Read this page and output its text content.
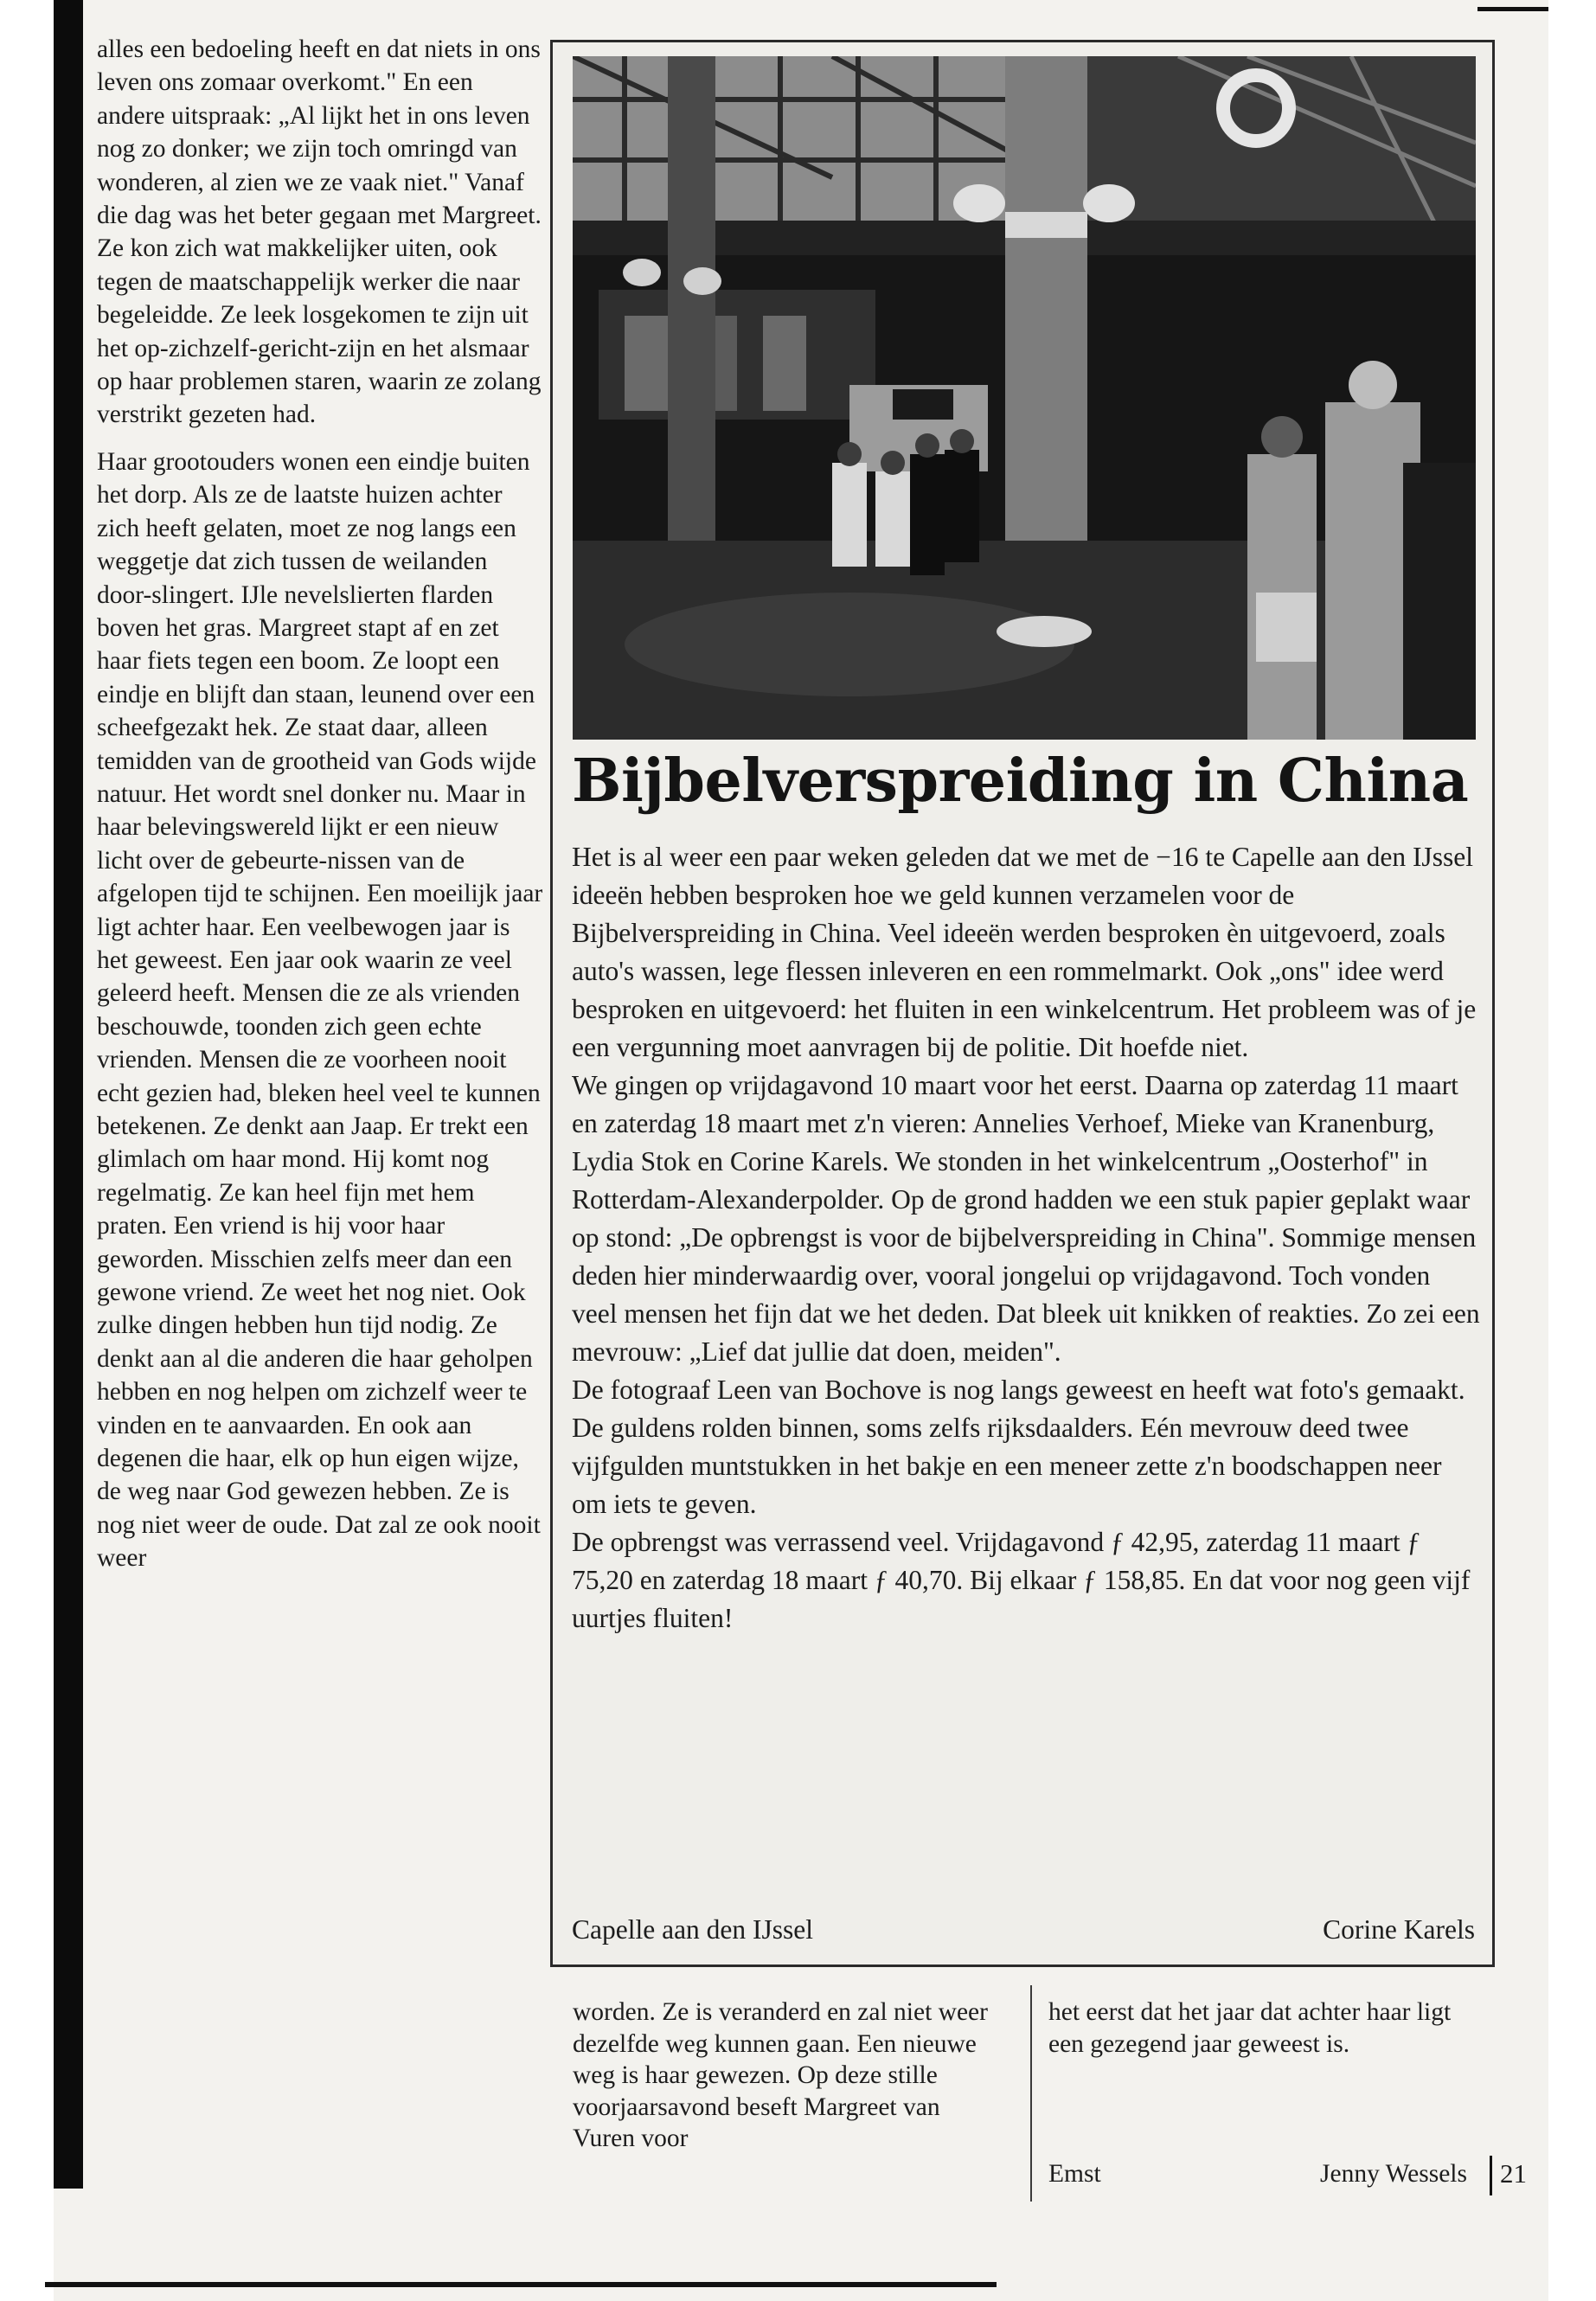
alles een bedoeling heeft en dat niets in ons leven ons zomaar overkomt." En een andere uitspraak: „Al lijkt het in ons leven nog zo donker; we zijn toch omringd van wonderen, al zien we ze vaak niet." Vanaf die dag was het beter gegaan met Margreet. Ze kon zich wat makkelijker uiten, ook tegen de maatschappelijk werker die naar begeleidde. Ze leek losgekomen te zijn uit het op-zichzelf-gericht-zijn en het alsmaar op haar problemen staren, waarin ze zolang verstrikt gezeten had.

Haar grootouders wonen een eindje buiten het dorp. Als ze de laatste huizen achter zich heeft gelaten, moet ze nog langs een weggetje dat zich tussen de weilanden door-slingert. IJle nevelslierten flarden boven het gras. Margreet stapt af en zet haar fiets tegen een boom. Ze loopt een eindje en blijft dan staan, leunend over een scheefgezakt hek. Ze staat daar, alleen temidden van de grootheid van Gods wijde natuur. Het wordt snel donker nu. Maar in haar belevingswereld lijkt er een nieuw licht over de gebeurte-nissen van de afgelopen tijd te schijnen. Een moeilijk jaar ligt achter haar. Een veelbewogen jaar is het geweest. Een jaar ook waarin ze veel geleerd heeft. Mensen die ze als vrienden beschouwde, toonden zich geen echte vrienden. Mensen die ze voorheen nooit echt gezien had, bleken heel veel te kunnen betekenen. Ze denkt aan Jaap. Er trekt een glimlach om haar mond. Hij komt nog regelmatig. Ze kan heel fijn met hem praten. Een vriend is hij voor haar geworden. Misschien zelfs meer dan een gewone vriend. Ze weet het nog niet. Ook zulke dingen hebben hun tijd nodig. Ze denkt aan al die anderen die haar geholpen hebben en nog helpen om zichzelf weer te vinden en te aanvaarden. En ook aan degenen die haar, elk op hun eigen wijze, de weg naar God gewezen hebben. Ze is nog niet weer de oude. Dat zal ze ook nooit weer

Bijbelverspreiding in China

Het is al weer een paar weken geleden dat we met de −16 te Capelle aan den IJssel ideeën hebben besproken hoe we geld kunnen verzamelen voor de Bijbelverspreiding in China. Veel ideeën werden besproken èn uitgevoerd, zoals auto's wassen, lege flessen inleveren en een rommelmarkt. Ook „ons" idee werd besproken en uitgevoerd: het fluiten in een winkelcentrum. Het probleem was of je een vergunning moet aanvragen bij de politie. Dit hoefde niet.

We gingen op vrijdagavond 10 maart voor het eerst. Daarna op zaterdag 11 maart en zaterdag 18 maart met z'n vieren: Annelies Verhoef, Mieke van Kranenburg, Lydia Stok en Corine Karels. We stonden in het winkelcentrum „Oosterhof" in Rotterdam-Alexanderpolder. Op de grond hadden we een stuk papier geplakt waar op stond: „De opbrengst is voor de bijbelverspreiding in China". Sommige mensen deden hier minderwaardig over, vooral jongelui op vrijdagavond. Toch vonden veel mensen het fijn dat we het deden. Dat bleek uit knikken of reakties. Zo zei een mevrouw: „Lief dat jullie dat doen, meiden".

De fotograaf Leen van Bochove is nog langs geweest en heeft wat foto's gemaakt.

De guldens rolden binnen, soms zelfs rijksdaalders. Eén mevrouw deed twee vijfgulden muntstukken in het bakje en een meneer zette z'n boodschappen neer om iets te geven.

De opbrengst was verrassend veel. Vrijdagavond ƒ 42,95, zaterdag 11 maart ƒ 75,20 en zaterdag 18 maart ƒ 40,70. Bij elkaar ƒ 158,85. En dat voor nog geen vijf uurtjes fluiten!

Capelle aan den IJssel	Corine Karels

worden. Ze is veranderd en zal niet weer dezelfde weg kunnen gaan. Een nieuwe weg is haar gewezen. Op deze stille voorjaarsavond beseft Margreet van Vuren voor

het eerst dat het jaar dat achter haar ligt een gezegend jaar geweest is.

Emst	Jenny Wessels 21
